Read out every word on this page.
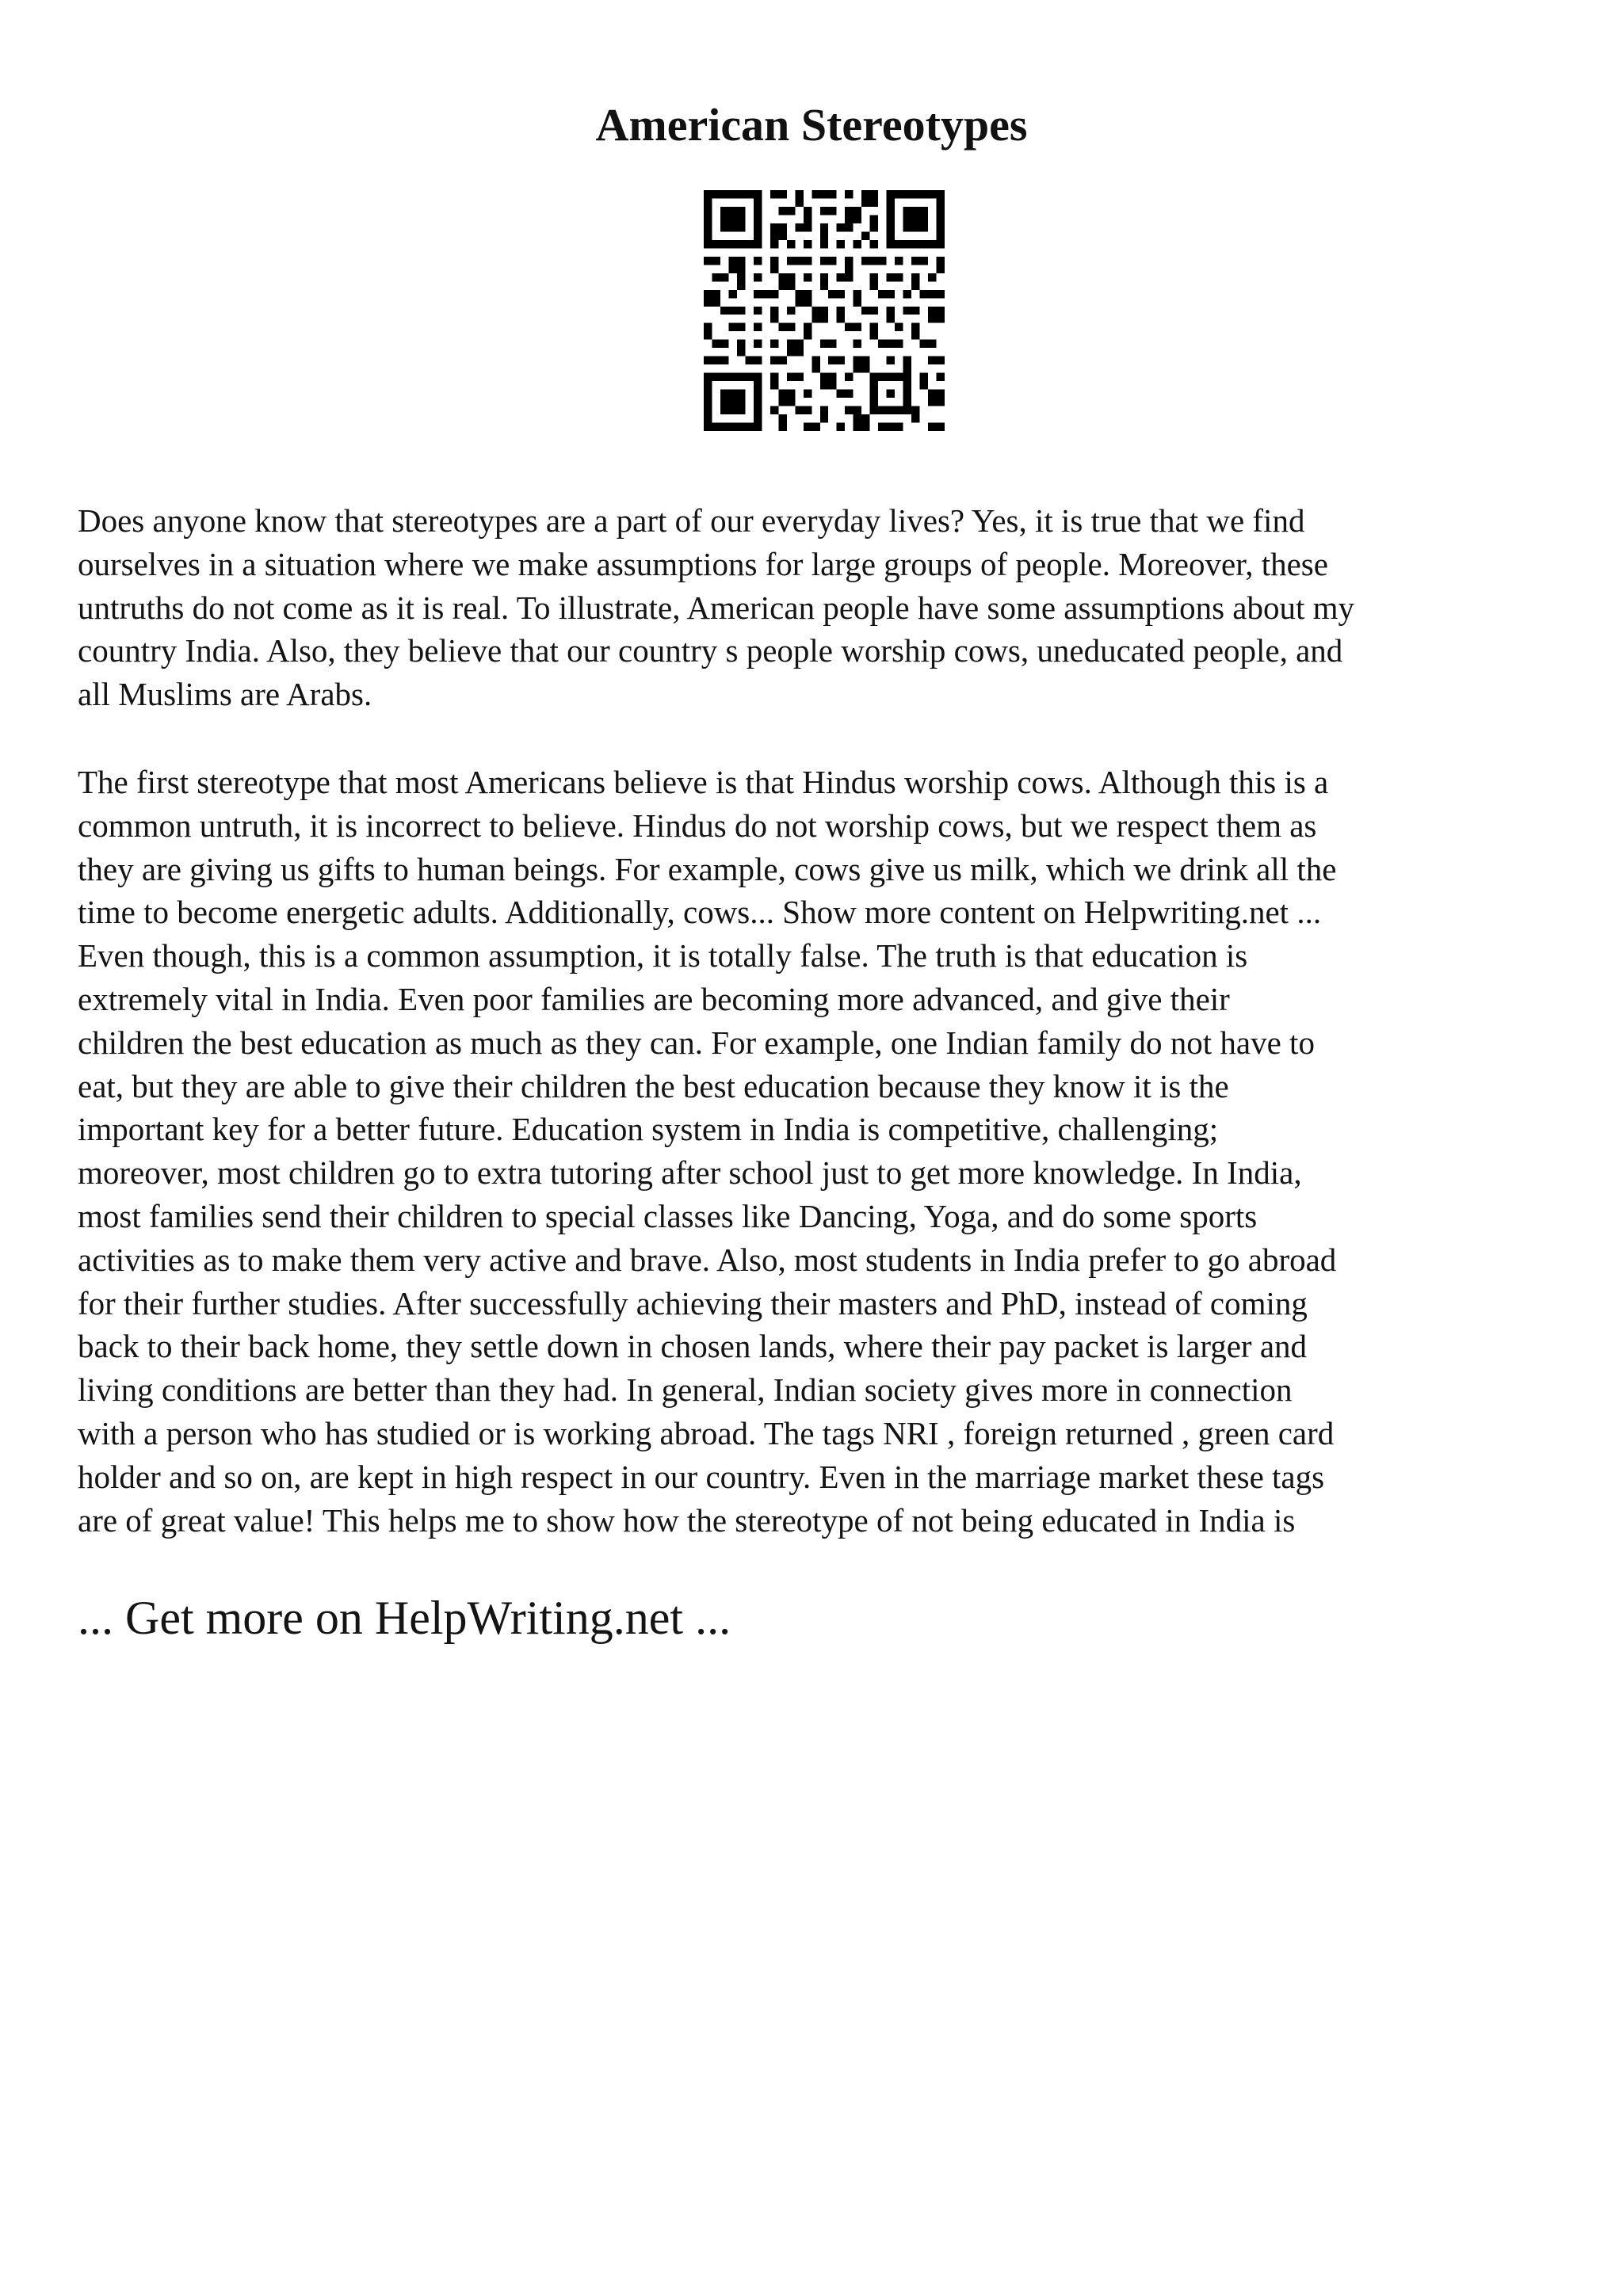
American Stereotypes

Does anyone know that stereotypes are a part of our everyday lives? Yes, it is true that we find
ourselves in a situation where we make assumptions for large groups of people. Moreover, these
untruths do not come as it is real. To illustrate, American people have some assumptions about my
country India. Also, they believe that our country s people worship cows, uneducated people, and
all Muslims are Arabs.

The first stereotype that most Americans believe is that Hindus worship cows. Although this is a
common untruth, it is incorrect to believe. Hindus do not worship cows, but we respect them as
they are giving us gifts to human beings. For example, cows give us milk, which we drink all the
time to become energetic adults. Additionally, cows... Show more content on Helpwriting.net ...
Even though, this is a common assumption, it is totally false. The truth is that education is
extremely vital in India. Even poor families are becoming more advanced, and give their
children the best education as much as they can. For example, one Indian family do not have to
eat, but they are able to give their children the best education because they know it is the
important key for a better future. Education system in India is competitive, challenging;
moreover, most children go to extra tutoring after school just to get more knowledge. In India,
most families send their children to special classes like Dancing, Yoga, and do some sports
activities as to make them very active and brave. Also, most students in India prefer to go abroad
for their further studies. After successfully achieving their masters and PhD, instead of coming
back to their back home, they settle down in chosen lands, where their pay packet is larger and
living conditions are better than they had. In general, Indian society gives more in connection
with a person who has studied or is working abroad. The tags NRI , foreign returned , green card
holder and so on, are kept in high respect in our country. Even in the marriage market these tags
are of great value! This helps me to show how the stereotype of not being educated in India is

... Get more on HelpWriting.net ...
